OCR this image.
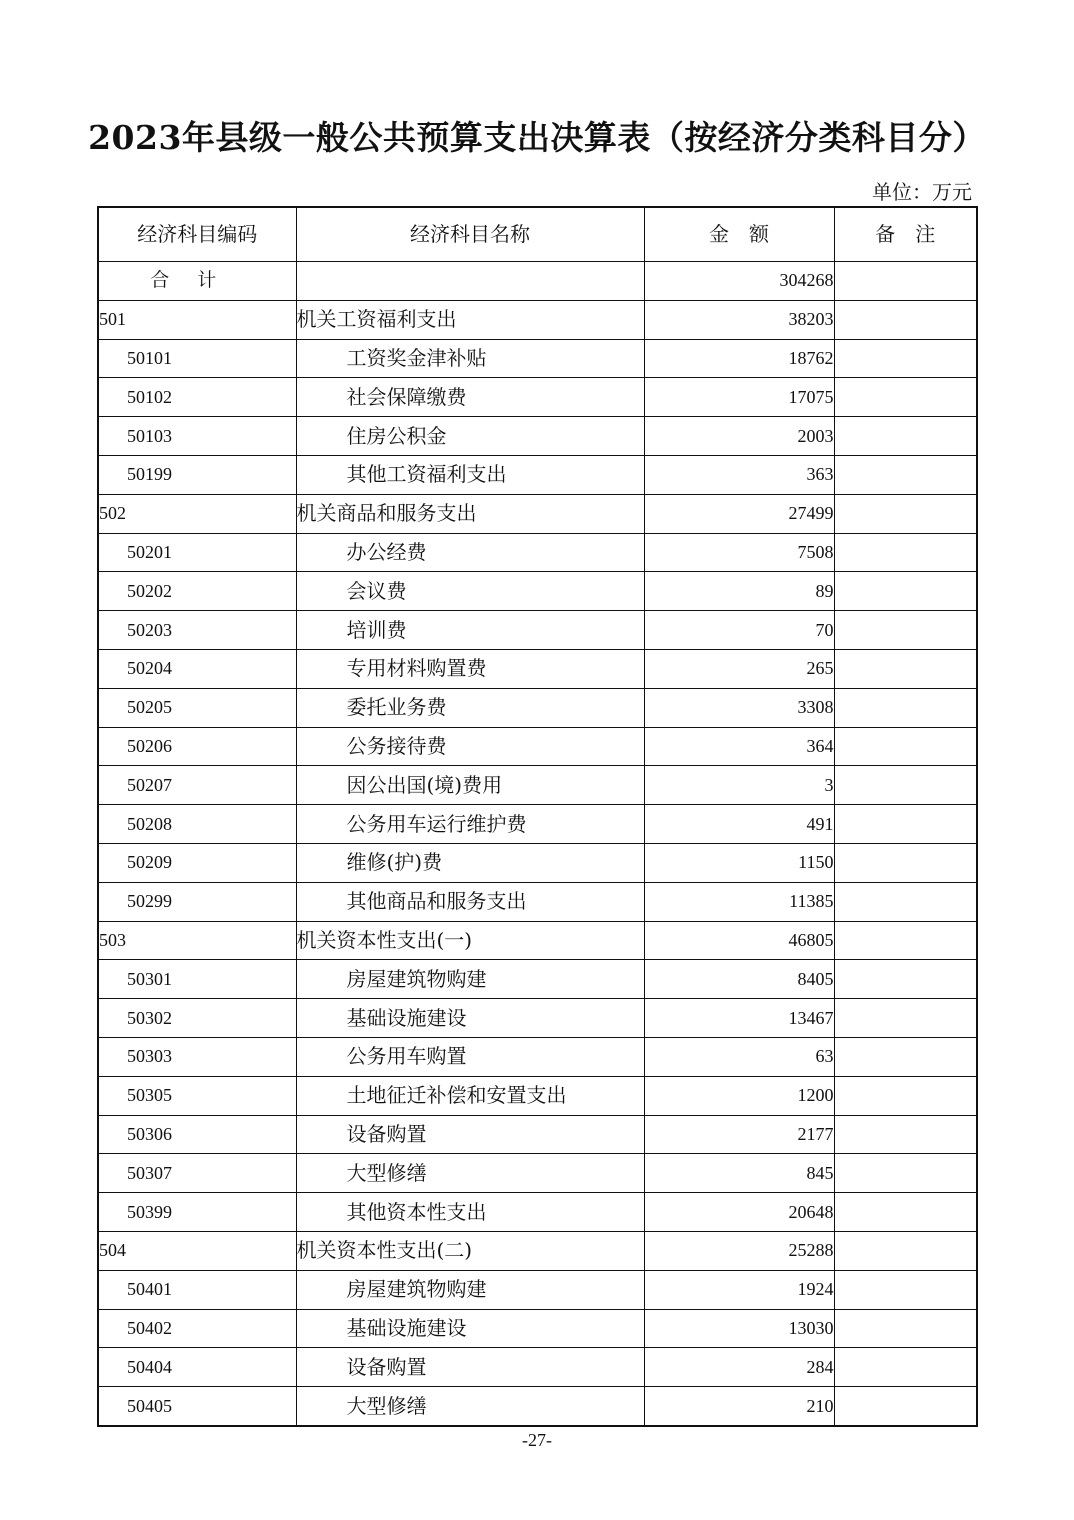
2023年县级一般公共预算支出决算表（按经济分类科目分）
单位：万元
经济科目编码	经济科目名称	金　额	备　注
合计		304268	
501	机关工资福利支出	38203	
50101	工资奖金津补贴	18762	
50102	社会保障缴费	17075	
50103	住房公积金	2003	
50199	其他工资福利支出	363	
502	机关商品和服务支出	27499	
50201	办公经费	7508	
50202	会议费	89	
50203	培训费	70	
50204	专用材料购置费	265	
50205	委托业务费	3308	
50206	公务接待费	364	
50207	因公出国(境)费用	3	
50208	公务用车运行维护费	491	
50209	维修(护)费	1150	
50299	其他商品和服务支出	11385	
503	机关资本性支出(一)	46805	
50301	房屋建筑物购建	8405	
50302	基础设施建设	13467	
50303	公务用车购置	63	
50305	土地征迁补偿和安置支出	1200	
50306	设备购置	2177	
50307	大型修缮	845	
50399	其他资本性支出	20648	
504	机关资本性支出(二)	25288	
50401	房屋建筑物购建	1924	
50402	基础设施建设	13030	
50404	设备购置	284	
50405	大型修缮	210	
-27-
